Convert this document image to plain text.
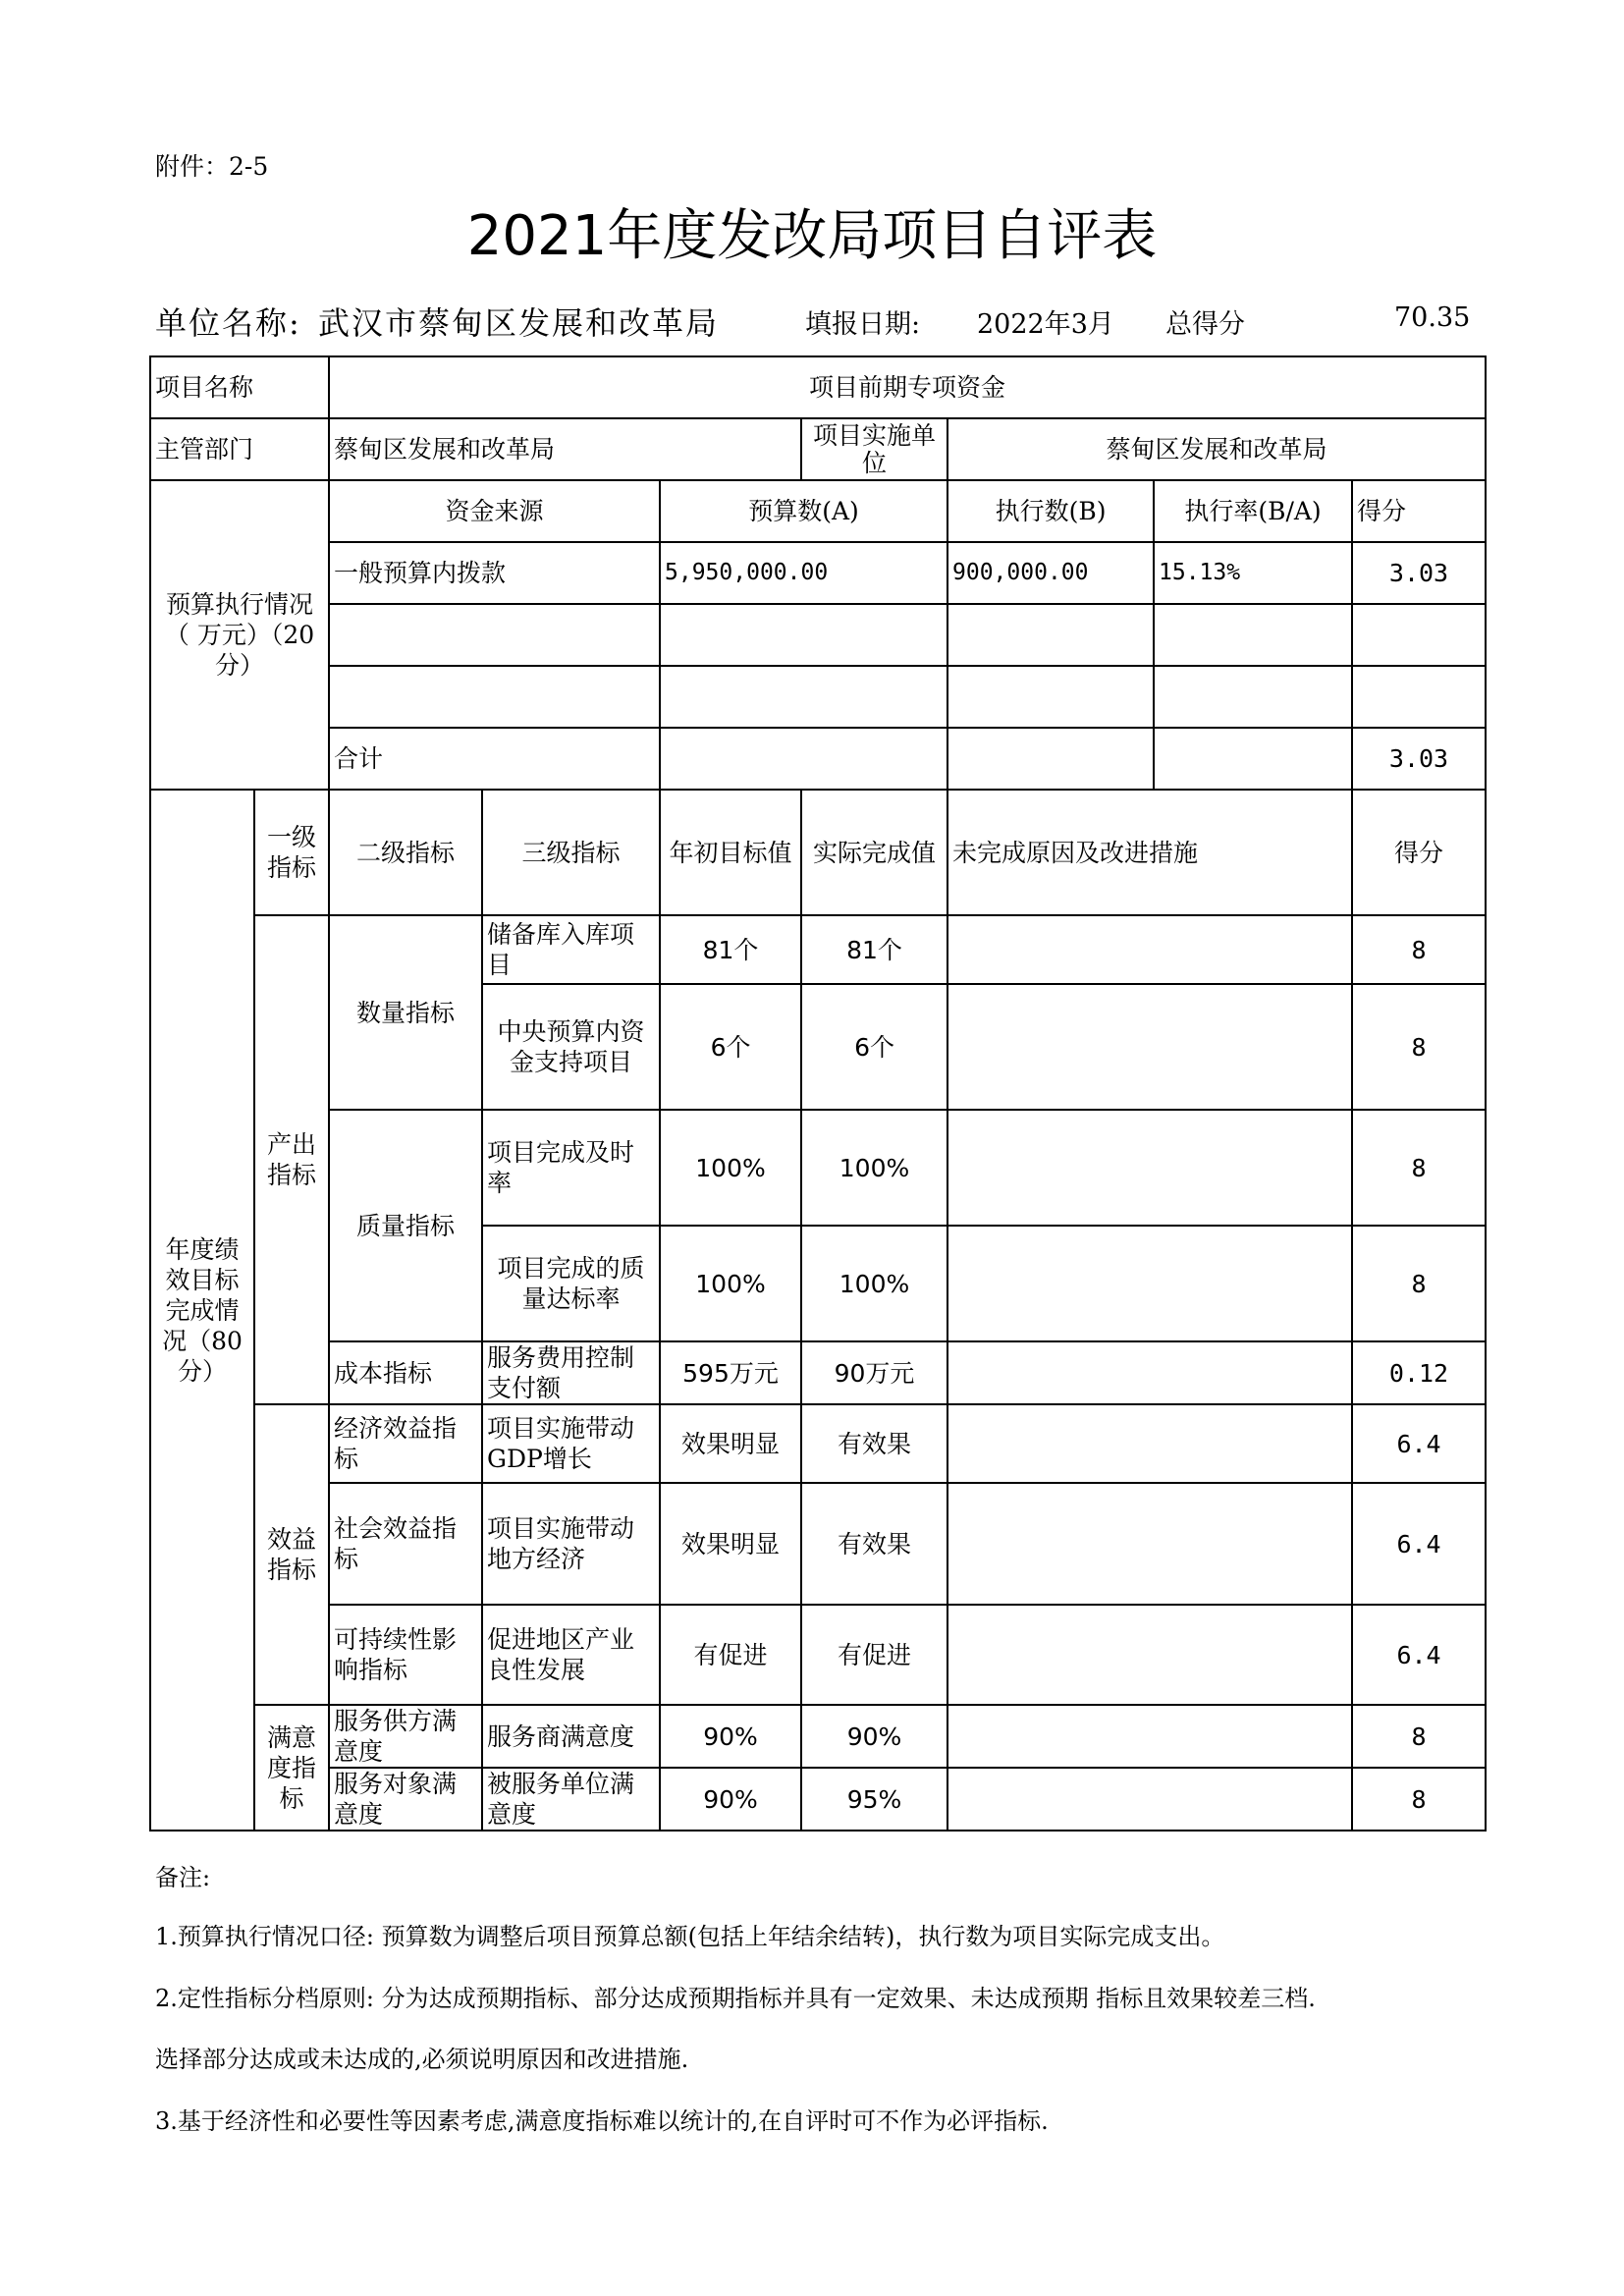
附件：2-5
2021年度发改局项目自评表
单位名称: 武汉市蔡甸区发展和改革局	填报日期: 2022年3月 总得分	70.35
项目名称		项目前期专项资金						
主管部门		蔡甸区发展和改革局			项目实施单位	蔡甸区发展和改革局		
预算执行情况（ 万元）（20分）		资金来源		预算数(A)		执行数(B)	执行率(B/A)	得分
		一般预算内拨款		5,950,000.00		900,000.00	15.13%	3.03

		合计						3.03
年度绩效目标完成情况（80分）	一级指标	二级指标	三级指标	年初目标值	实际完成值	未完成原因及改进措施		得分
	产出指标	数量指标	储备库入库项目	81个	81个			8
			中央预算内资金支持项目	6个	6个			8
		质量指标	项目完成及时率	100%	100%			8
			项目完成的质量达标率	100%	100%			8
		成本指标	服务费用控制支付额	595万元	90万元			0.12
	效益指标	经济效益指标	项目实施带动GDP增长	效果明显	有效果			6.4
		社会效益指标	项目实施带动地方经济	效果明显	有效果			6.4
		可持续性影响指标	促进地区产业良性发展	有促进	有促进			6.4
	满意度指标	服务供方满意度	服务商满意度	90%	90%			8
		服务对象满意度	被服务单位满意度	90%	95%			8
备注:
1.预算执行情况口径: 预算数为调整后项目预算总额(包括上年结余结转)，执行数为项目实际完成支出。
2.定性指标分档原则: 分为达成预期指标、部分达成预期指标并具有一定效果、未达成预期 指标且效果较差三档.
选择部分达成或未达成的,必须说明原因和改进措施.
3.基于经济性和必要性等因素考虑,满意度指标难以统计的,在自评时可不作为必评指标.
